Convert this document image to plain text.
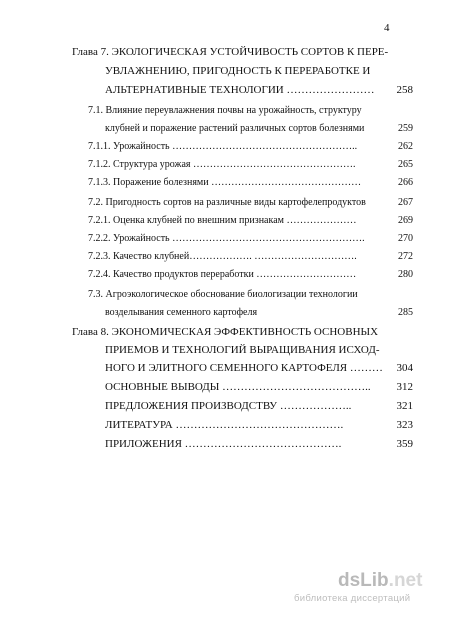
4
Глава 7. ЭКОЛОГИЧЕСКАЯ УСТОЙЧИВОСТЬ СОРТОВ К ПЕРЕ-
УВЛАЖНЕНИЮ, ПРИГОДНОСТЬ К ПЕРЕРАБОТКЕ И
АЛЬТЕРНАТИВНЫЕ ТЕХНОЛОГИИ …………………… 258
7.1. Влияние переувлажнения почвы на урожайность, структуру
клубней и поражение растений различных сортов болезнями	259
7.1.1. Урожайность ………………………………………………..	262
7.1.2. Структура урожая ………………………………………….	265
7.1.3. Поражение болезнями ………………………………………	266
7.2. Пригодность сортов на различные виды картофелепродуктов	267
7.2.1. Оценка клубней по внешним признакам …………………	269
7.2.2. Урожайность ………………………………………………….	270
7.2.3. Качество клубней………………. ………………………….	272
7.2.4. Качество продуктов переработки …………………………	280
7.3. Агроэкологическое обоснование биологизации технологии
возделывания семенного картофеля	285
Глава 8. ЭКОНОМИЧЕСКАЯ ЭФФЕКТИВНОСТЬ ОСНОВНЫХ
ПРИЕМОВ И ТЕХНОЛОГИЙ ВЫРАЩИВАНИЯ ИСХОД-
НОГО И ЭЛИТНОГО СЕМЕННОГО КАРТОФЕЛЯ ……… 304
ОСНОВНЫЕ ВЫВОДЫ ………………………………….. 312
ПРЕДЛОЖЕНИЯ ПРОИЗВОДСТВУ ………………..	321
ЛИТЕРАТУРА ……………………………………….	323
ПРИЛОЖЕНИЯ …………………………………….	359
dsLib.net
библиотека диссертаций
